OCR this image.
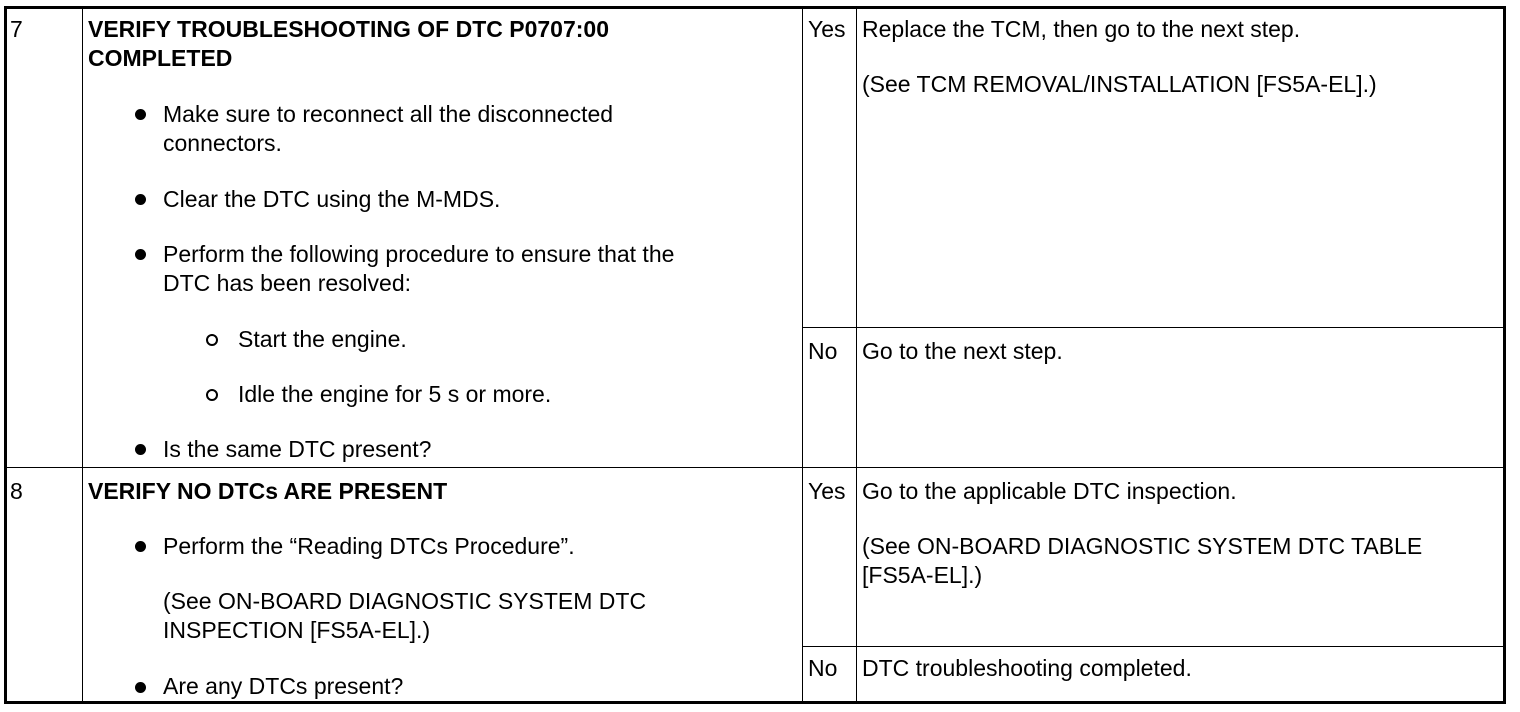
7	VERIFY TROUBLESHOOTING OF DTC P0707:00
COMPLETED
Make sure to reconnect all the disconnected
connectors.
Clear the DTC using the M-MDS.
Perform the following procedure to ensure that the
DTC has been resolved:
Start the engine.
Idle the engine for 5 s or more.
Is the same DTC present?
Yes Replace the TCM, then go to the next step.
(See TCM REMOVAL/INSTALLATION [FS5A-EL].)
No Go to the next step.
8	VERIFY NO DTCs ARE PRESENT
Perform the “Reading DTCs Procedure”.
(See ON-BOARD DIAGNOSTIC SYSTEM DTC
INSPECTION [FS5A-EL].)
Are any DTCs present?
Yes Go to the applicable DTC inspection.
(See ON-BOARD DIAGNOSTIC SYSTEM DTC TABLE
[FS5A-EL].)
No DTC troubleshooting completed.
